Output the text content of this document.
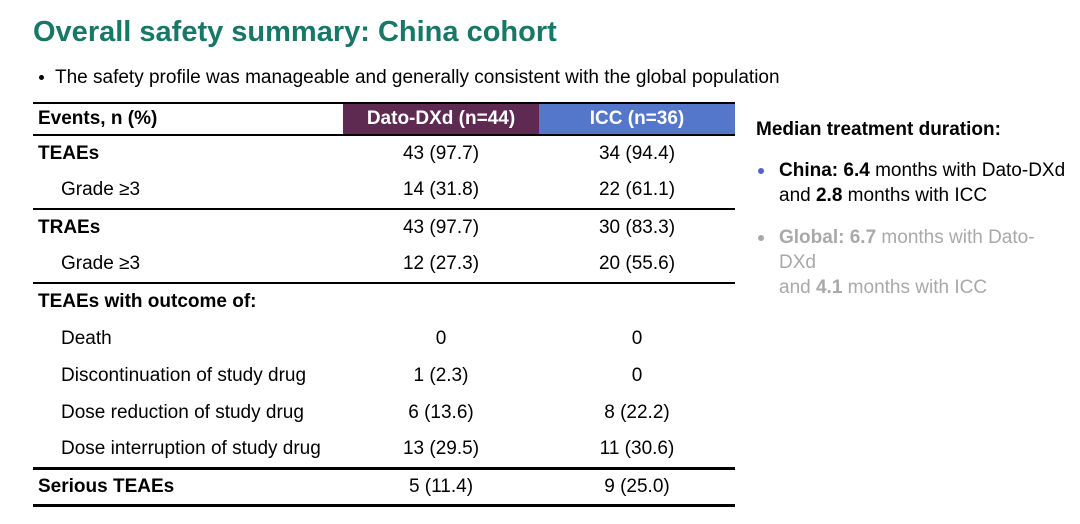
Overall safety summary: China cohort
The safety profile was manageable and generally consistent with the global population
Events, n (%)	Dato-DXd (n=44)	ICC (n=36)
TEAEs	43 (97.7)	34 (94.4)
Grade ≥3	14 (31.8)	22 (61.1)
TRAEs	43 (97.7)	30 (83.3)
Grade ≥3	12 (27.3)	20 (55.6)
TEAEs with outcome of:		
Death	0	0
Discontinuation of study drug	1 (2.3)	0
Dose reduction of study drug	6 (13.6)	8 (22.2)
Dose interruption of study drug	13 (29.5)	11 (30.6)
Serious TEAEs	5 (11.4)	9 (25.0)
Median treatment duration:
China: 6.4 months with Dato-DXd
and 2.8 months with ICC
Global: 6.7 months with Dato-DXd
and 4.1 months with ICC
